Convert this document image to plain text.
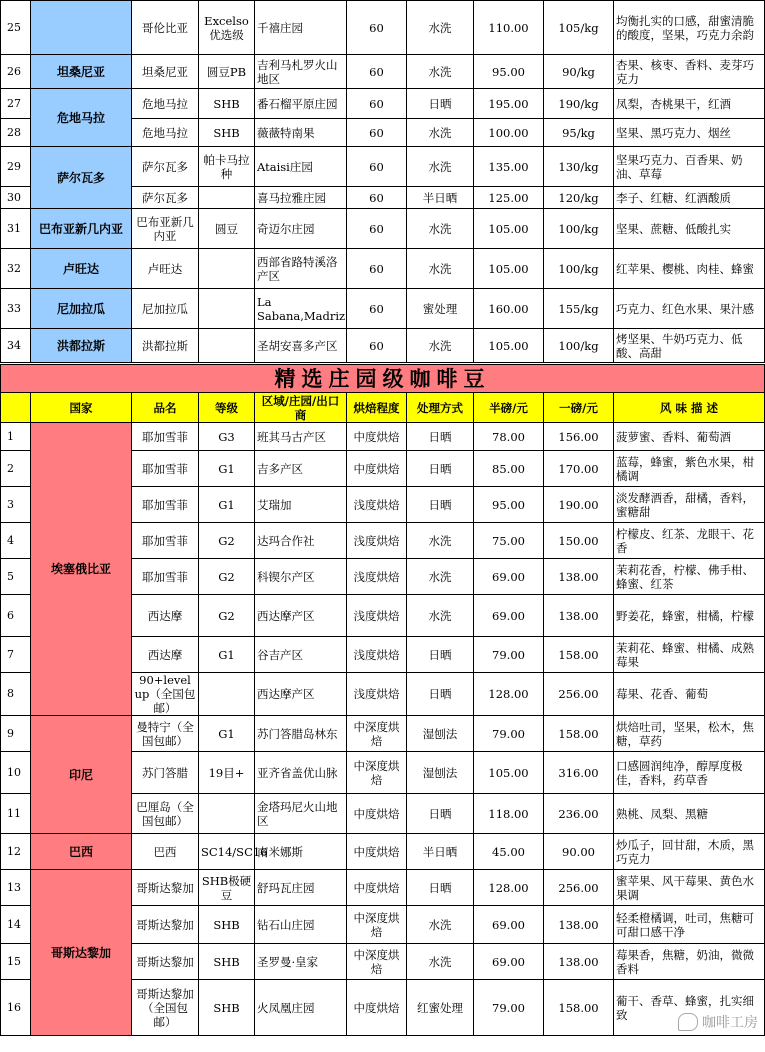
25		哥伦比亚	Excelso优选级	千禧庄园	60	水洗	110.00	105/kg	均衡扎实的口感，甜蜜清脆的酸度，坚果，巧克力余韵
26	坦桑尼亚	坦桑尼亚	圆豆PB	吉利马札罗火山地区	60	水洗	95.00	90/kg	杏果、核枣、香料、麦芽巧克力
27	危地马拉	危地马拉	SHB	番石榴平原庄园	60	日晒	195.00	190/kg	凤梨，杏桃果干，红酒
28		危地马拉	SHB	薇薇特南果	60	水洗	100.00	95/kg	坚果、黑巧克力、烟丝
29	萨尔瓦多	萨尔瓦多	帕卡马拉种	Ataisi庄园	60	水洗	135.00	130/kg	坚果巧克力、百香果、奶油、草莓
30		萨尔瓦多		喜马拉雅庄园	60	半日晒	125.00	120/kg	李子、红糖、红酒酸质
31	巴布亚新几内亚	巴布亚新几内亚	圆豆	奇迈尔庄园	60	水洗	105.00	100/kg	坚果、蔗糖、低酸扎实
32	卢旺达	卢旺达		西部省路特溪洛产区	60	水洗	105.00	100/kg	红苹果、樱桃、肉桂、蜂蜜
33	尼加拉瓜	尼加拉瓜		La Sabana,Madriz	60	蜜处理	160.00	155/kg	巧克力、红色水果、果汁感
34	洪都拉斯	洪都拉斯		圣胡安喜多产区	60	水洗	105.00	100/kg	烤坚果、牛奶巧克力、低酸、高甜
精选庄园级咖啡豆									
	国家	品名	等级	区域/庄园/出口商	烘焙程度	处理方式	半磅/元	一磅/元	风 味 描 述
1	埃塞俄比亚	耶加雪菲	G3	班其马古产区	中度烘焙	日晒	78.00	156.00	菠萝蜜、香料、葡萄酒
2		耶加雪菲	G1	吉多产区	中度烘焙	日晒	85.00	170.00	蓝莓，蜂蜜，紫色水果，柑橘调
3		耶加雪菲	G1	艾瑞加	浅度烘焙	日晒	95.00	190.00	淡发酵酒香，甜橘，香料，蜜糖甜
4		耶加雪菲	G2	达玛合作社	浅度烘焙	水洗	75.00	150.00	柠檬皮、红茶、龙眼干、花香
5		耶加雪菲	G2	科锲尔产区	浅度烘焙	水洗	69.00	138.00	茉莉花香，柠檬、佛手柑、蜂蜜、红茶
6		西达摩	G2	西达摩产区	浅度烘焙	水洗	69.00	138.00	野姜花，蜂蜜，柑橘，柠檬
7		西达摩	G1	谷吉产区	浅度烘焙	日晒	79.00	158.00	茉莉花、蜂蜜、柑橘、成熟莓果
8		90+level up（全国包邮）		西达摩产区	浅度烘焙	日晒	128.00	256.00	莓果、花香、葡萄
9	印尼	曼特宁（全国包邮）	G1	苏门答腊岛林东	中深度烘焙	湿刨法	79.00	158.00	烘焙吐司，坚果，松木，焦糖，草药
10		苏门答腊	19目+	亚齐省盖优山脉	中深度烘焙	湿刨法	105.00	316.00	口感圆润纯净，醇厚度极佳，香料，药草香
11		巴厘岛（全国包邮）		金塔玛尼火山地区	中度烘焙	日晒	118.00	236.00	熟桃、凤梨、黑糖
12	巴西	巴西	SC14/SC16	南米娜斯	中度烘焙	半日晒	45.00	90.00	炒瓜子，回甘甜，木质，黑巧克力
13	哥斯达黎加	哥斯达黎加	SHB极硬豆	舒玛瓦庄园	中度烘焙	日晒	128.00	256.00	蜜苹果、风干莓果、黄色水果调
14		哥斯达黎加	SHB	钻石山庄园	中深度烘焙	水洗	69.00	138.00	轻柔橙橘调，吐司，焦糖可可甜口感干净
15		哥斯达黎加	SHB	圣罗曼·皇家	中深度烘焙	水洗	69.00	138.00	莓果香，焦糖，奶油，微微香料
16		哥斯达黎加（全国包邮）	SHB	火凤凰庄园	中度烘焙	红蜜处理	79.00	158.00	葡干、香草、蜂蜜，扎实细致
咖啡工房
